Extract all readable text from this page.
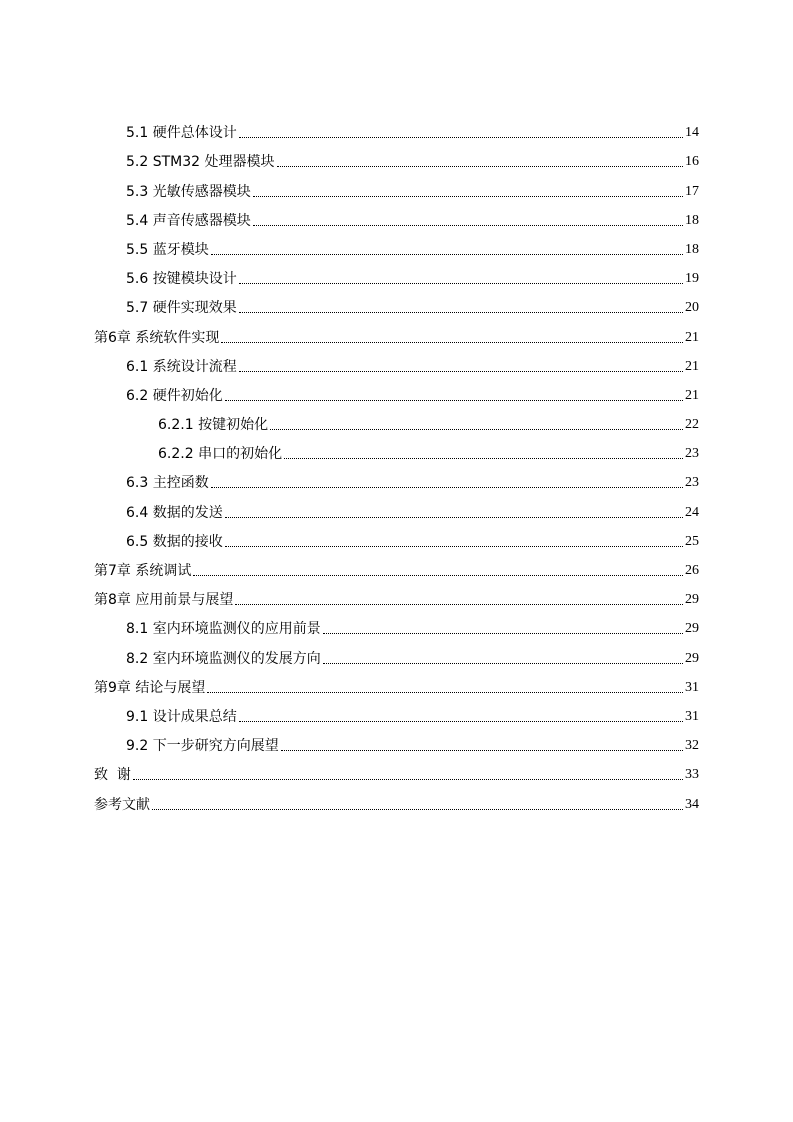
5.1 硬件总体设计	14
5.2 STM32 处理器模块	16
5.3 光敏传感器模块	17
5.4 声音传感器模块	18
5.5 蓝牙模块	18
5.6 按键模块设计	19
5.7 硬件实现效果	20
第6章 系统软件实现	21
6.1 系统设计流程	21
6.2 硬件初始化	21
6.2.1 按键初始化	22
6.2.2 串口的初始化	23
6.3 主控函数	23
6.4 数据的发送	24
6.5 数据的接收	25
第7章 系统调试	26
第8章 应用前景与展望	29
8.1 室内环境监测仪的应用前景	29
8.2 室内环境监测仪的发展方向	29
第9章 结论与展望	31
9.1 设计成果总结	31
9.2 下一步研究方向展望	32
致  谢	33
参考文献	34
